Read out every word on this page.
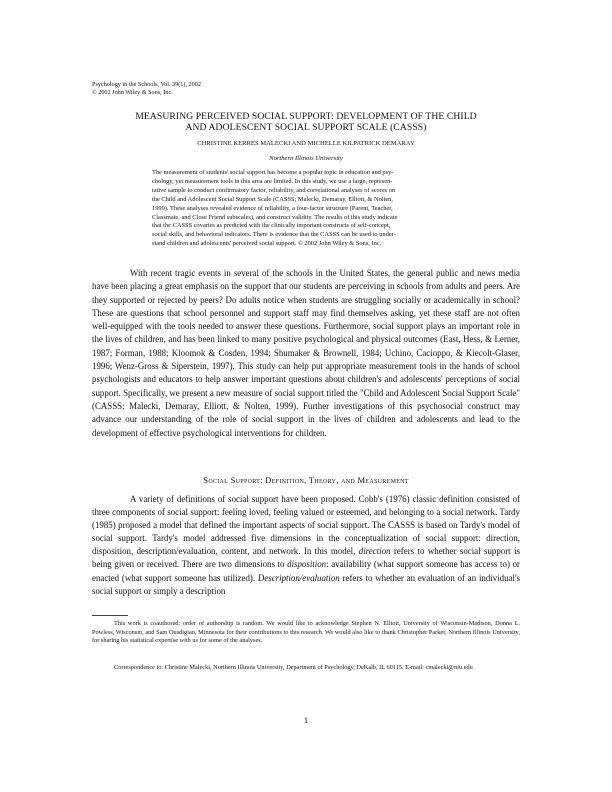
Psychology in the Schools, Vol. 39(1), 2002
© 2002 John Wiley & Sons, Inc.
MEASURING PERCEIVED SOCIAL SUPPORT: DEVELOPMENT OF THE CHILD
AND ADOLESCENT SOCIAL SUPPORT SCALE (CASSS)
CHRISTINE KERRES MALECKI AND MICHELLE KILPATRICK DEMARAY
Northern Illinois University
The measurement of students' social support has become a popular topic in education and psy-
chology, yet measurement tools in this area are limited. In this study, we use a large, represen-
tative sample to conduct confirmatory factor, reliability, and correlational analyses of scores on
the Child and Adolescent Social Support Scale (CASSS; Malecki, Demaray, Elliott, & Nolten,
1999). These analyses revealed evidence of reliability, a four-factor structure (Parent, Teacher,
Classmate, and Close Friend subscales), and construct validity. The results of this study indicate
that the CASSS covaries as predicted with the clinically important constructs of self-concept,
social skills, and behavioral indicators. There is evidence that the CASSS can be used to under-
stand children and adolescents' perceived social support. © 2002 John Wiley & Sons, Inc.

With recent tragic events in several of the schools in the United States, the general public and news media have been placing a great emphasis on the support that our students are perceiving in schools from adults and peers. Are they supported or rejected by peers? Do adults notice when students are struggling socially or academically in school? These are questions that school personnel and support staff may find themselves asking, yet these staff are not often well-equipped with the tools needed to answer these questions. Furthermore, social support plays an important role in the lives of children, and has been linked to many positive psychological and physical outcomes (East, Hess, & Lerner, 1987; Forman, 1988; Kloomok & Cosden, 1994; Shumaker & Brownell, 1984; Uchino, Cacioppo, & Kiecolt-Glaser, 1996; Wenz-Gross & Siperstein, 1997). This study can help put appropriate measurement tools in the hands of school psychologists and educators to help answer important questions about children's and adolescents' perceptions of social support. Specifically, we present a new measure of social support titled the "Child and Adolescent Social Support Scale" (CASSS; Malecki, Demaray, Elliott, & Nolten, 1999). Further investigations of this psychosocial construct may advance our understanding of the role of social support in the lives of children and adolescents and lead to the development of effective psychological interventions for children.

Social Support: Definition, Theory, and Measurement

A variety of definitions of social support have been proposed. Cobb's (1976) classic definition consisted of three components of social support: feeling loved, feeling valued or esteemed, and belonging to a social network. Tardy (1985) proposed a model that defined the important aspects of social support. The CASSS is based on Tardy's model of social support. Tardy's model addressed five dimensions in the conceptualization of social support: direction, disposition, description/evaluation, content, and network. In this model, direction refers to whether social support is being given or received. There are two dimensions to disposition: availability (what support someone has access to) or enacted (what support someone has utilized). Description/evaluation refers to whether an evaluation of an individual's social support or simply a description

This work is coauthored; order of authorship is random. We would like to acknowledge Stephen N. Elliott, University of Wisconsin-Madison, Donna L. Powless, Wisconsin, and Sam Ousdigian, Minnesota for their contributions to this research. We would also like to thank Christopher Parker, Northern Illinois University, for sharing his statistical expertise with us for some of the analyses.

Correspondence to: Christine Malecki, Northern Illinois University, Department of Psychology, DeKalb, IL 60115. E-mail: cmalecki@niu.edu

1
